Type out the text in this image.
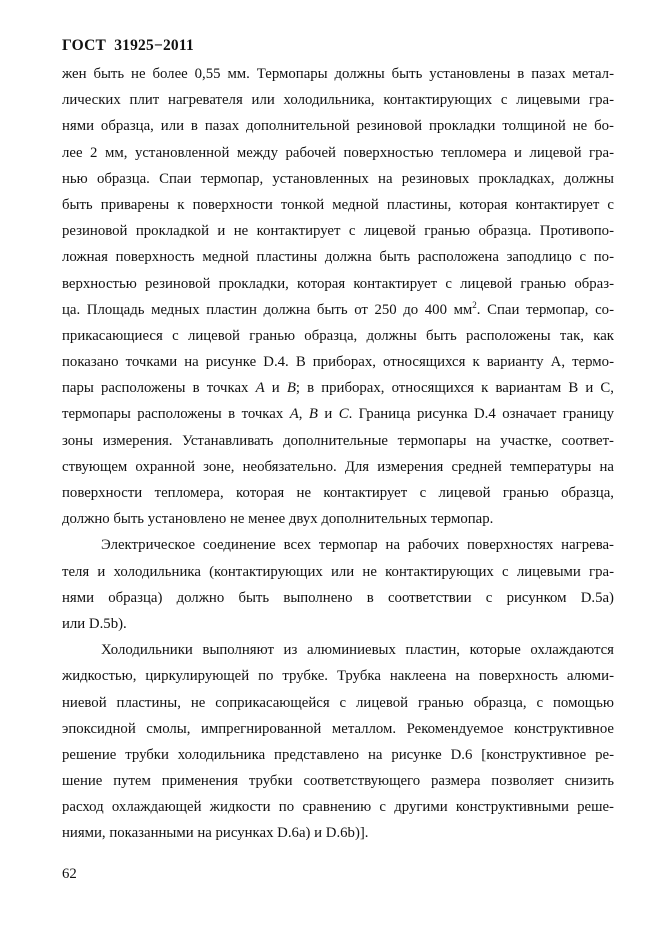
ГОСТ  31925−2011
жен быть не более 0,55 мм. Термопары должны быть установлены в пазах метал-
лических плит нагревателя или холодильника, контактирующих с лицевыми гра-
нями образца, или в пазах дополнительной резиновой прокладки толщиной не бо-
лее 2 мм, установленной между рабочей поверхностью тепломера и лицевой гра-
нью образца. Спаи термопар, установленных на резиновых прокладках, должны
быть приварены к поверхности тонкой медной пластины, которая контактирует с
резиновой прокладкой и не контактирует с лицевой гранью образца. Противопо-
ложная поверхность медной пластины должна быть расположена заподлицо с по-
верхностью резиновой прокладки, которая контактирует с лицевой гранью образ-
ца. Площадь медных пластин должна быть от 250 до 400 $мм^2$. Спаи термопар, со-
прикасающиеся с лицевой гранью образца, должны быть расположены так, как
показано точками на рисунке D.4. В приборах, относящихся к варианту А, термо-
пары расположены в точках А и В; в приборах, относящихся к вариантам В и С,
термопары расположены в точках А, В и С. Граница рисунка D.4 означает границу
зоны измерения. Устанавливать дополнительные термопары на участке, соответ-
ствующем охранной зоне, необязательно. Для измерения средней температуры на
поверхности тепломера, которая не контактирует с лицевой гранью образца,
должно быть установлено не менее двух дополнительных термопар.
Электрическое соединение всех термопар на рабочих поверхностях нагрева-
теля и холодильника (контактирующих или не контактирующих с лицевыми гра-
нями образца) должно быть выполнено в соответствии с рисунком D.5а)
или D.5b).
Холодильники выполняют из алюминиевых пластин, которые охлаждаются
жидкостью, циркулирующей по трубке. Трубка наклеена на поверхность алюми-
ниевой пластины, не соприкасающейся с лицевой гранью образца, с помощью
эпоксидной смолы, импрегнированной металлом. Рекомендуемое конструктивное
решение трубки холодильника представлено на рисунке D.6 [конструктивное ре-
шение путем применения трубки соответствующего размера позволяет снизить
расход охлаждающей жидкости по сравнению с другими конструктивными реше-
ниями, показанными на рисунках D.6а) и D.6b)].
62
